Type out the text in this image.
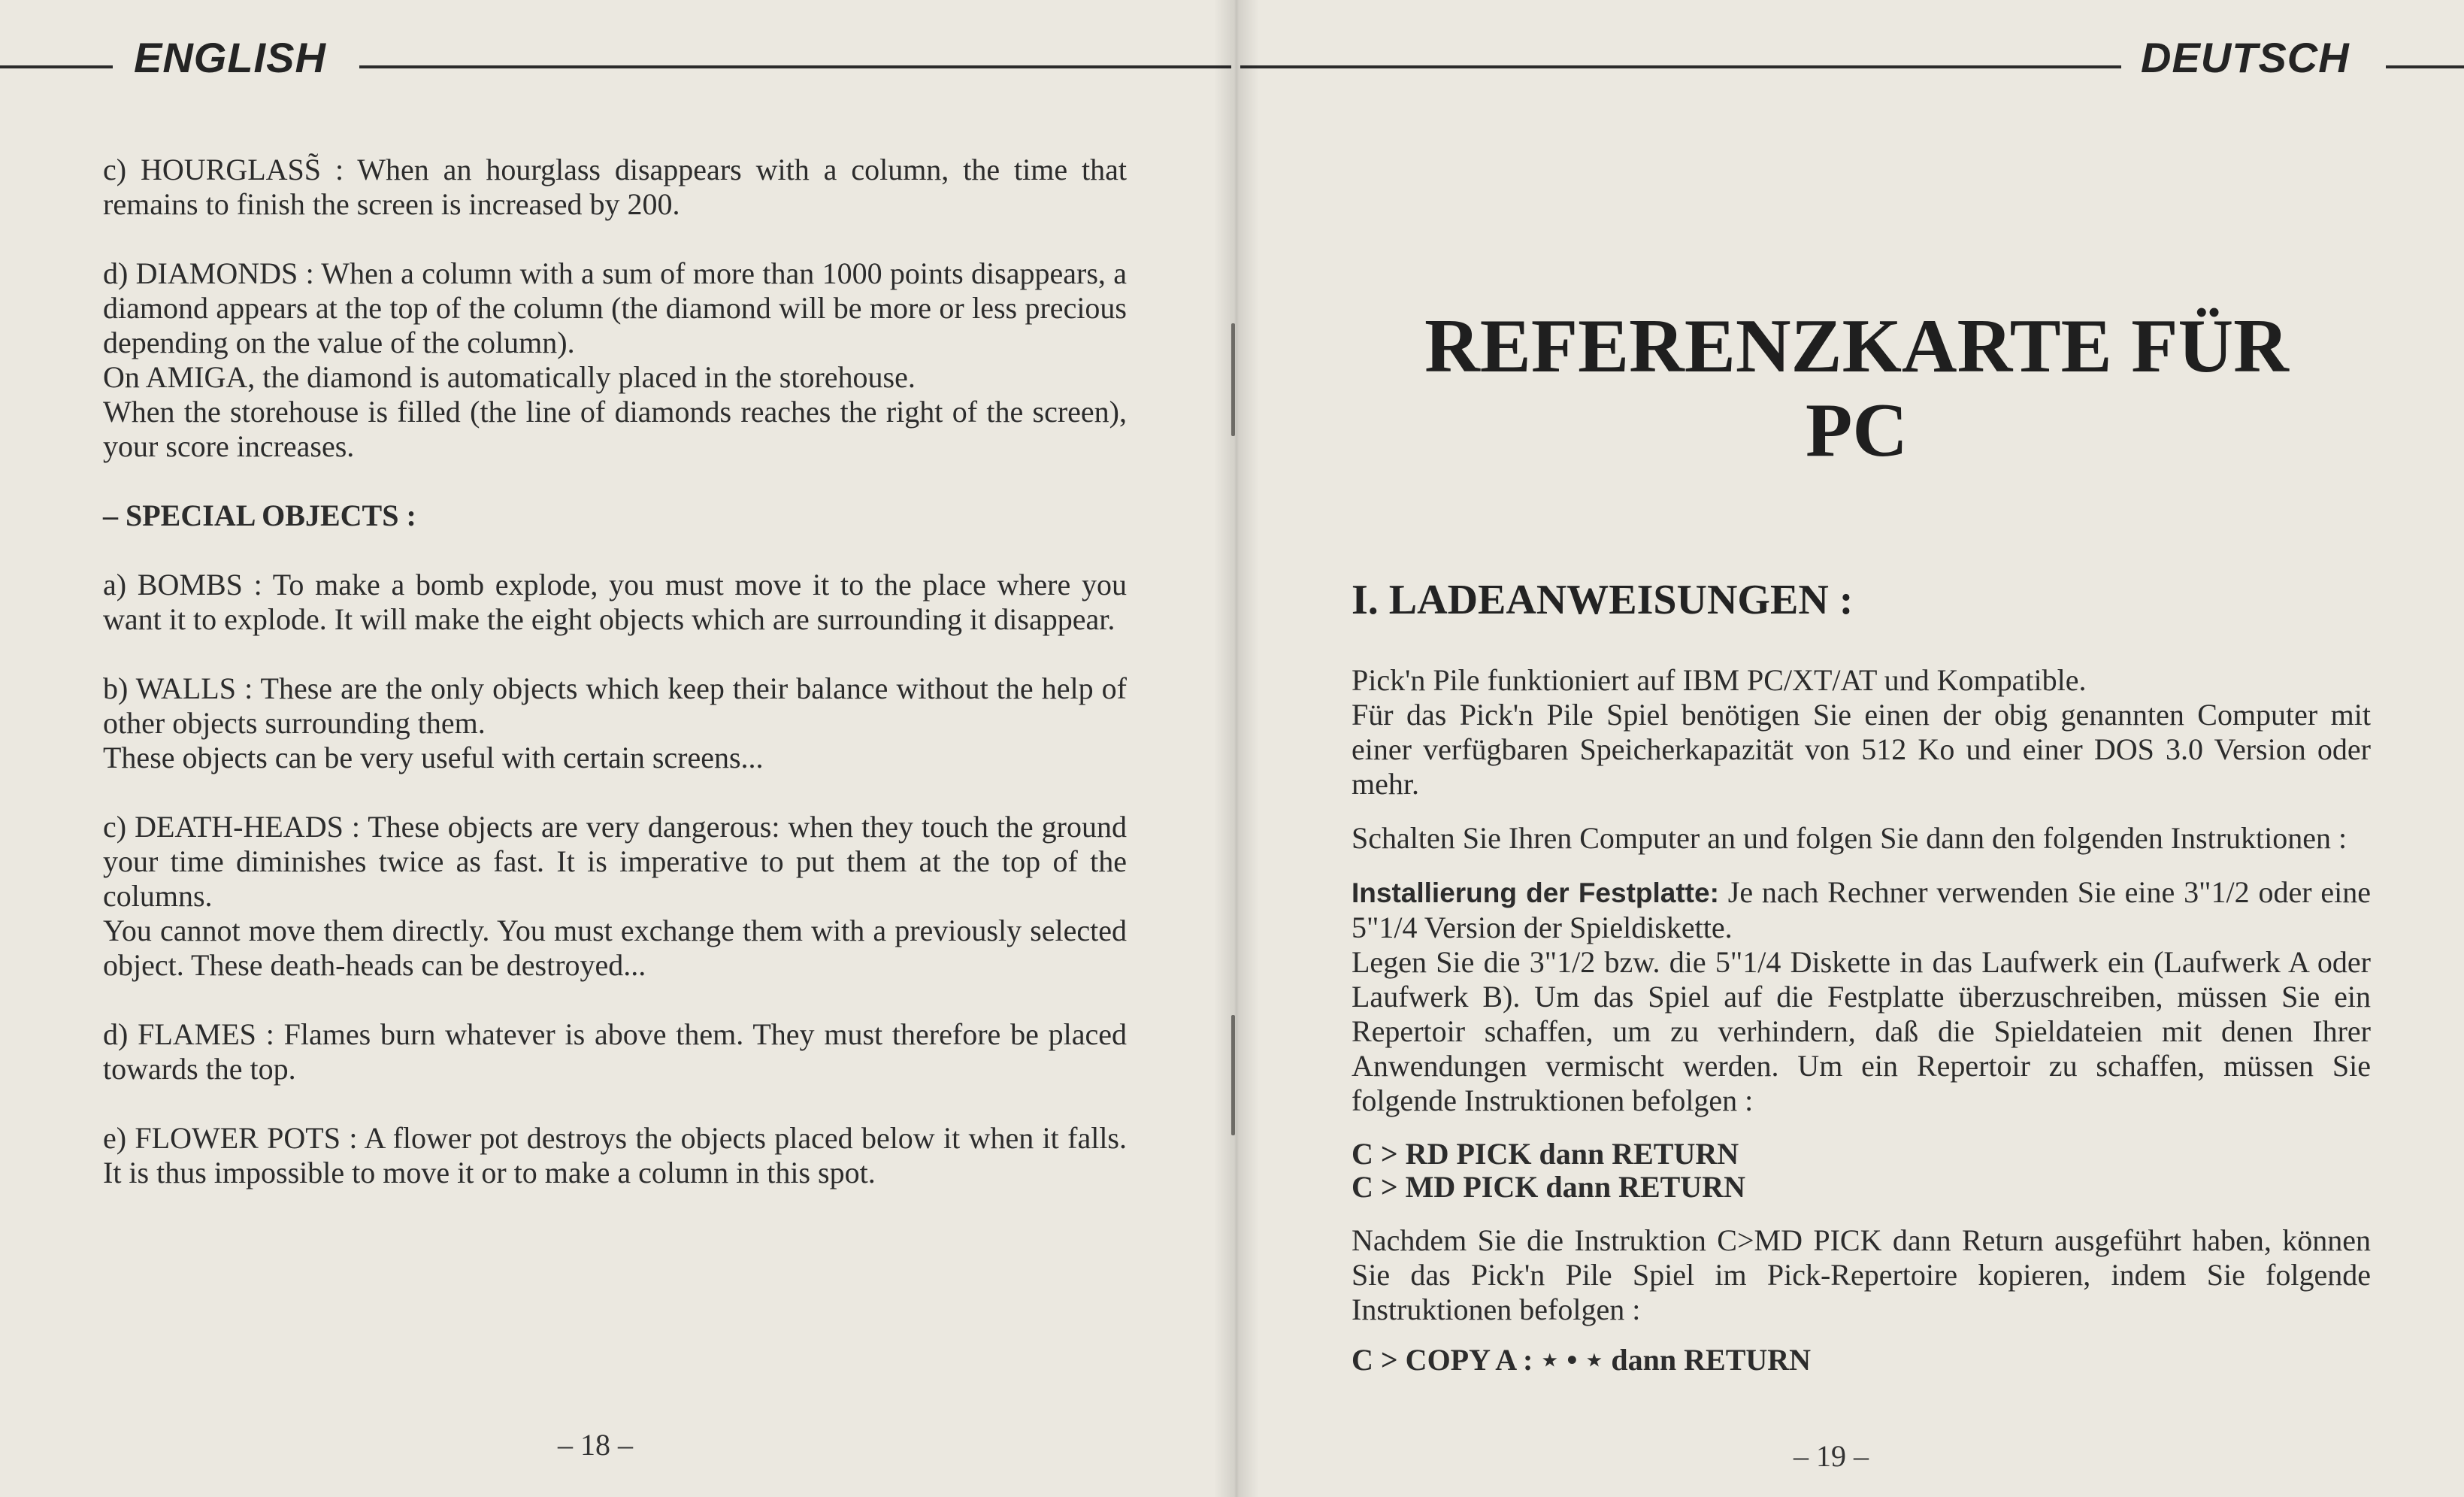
ENGLISH

c) HOURGLASS̃ : When an hourglass disappears with a column, the time that remains to finish the screen is increased by 200.

d) DIAMONDS : When a column with a sum of more than 1000 points disappears, a diamond appears at the top of the column (the diamond will be more or less precious depending on the value of the column).

On AMIGA, the diamond is automatically placed in the storehouse.

When the storehouse is filled (the line of diamonds reaches the right of the screen), your score increases.

– SPECIAL OBJECTS :

a) BOMBS : To make a bomb explode, you must move it to the place where you want it to explode. It will make the eight objects which are surrounding it disappear.

b) WALLS : These are the only objects which keep their balance without the help of other objects surrounding them.

These objects can be very useful with certain screens...

c) DEATH-HEADS : These objects are very dangerous: when they touch the ground your time diminishes twice as fast. It is imperative to put them at the top of the columns.

You cannot move them directly. You must exchange them with a previously selected object. These death-heads can be destroyed...

d) FLAMES : Flames burn whatever is above them. They must therefore be placed towards the top.

e) FLOWER POTS : A flower pot destroys the objects placed below it when it falls. It is thus impossible to move it or to make a column in this spot.

– 18 –
DEUTSCH
– 19 –
REFERENZKARTE FÜR
PC
I. LADEANWEISUNGEN :

Pick'n Pile funktioniert auf IBM PC/XT/AT und Kompatible.

Für das Pick'n Pile Spiel benötigen Sie einen der obig genannten Computer mit einer verfügbaren Speicherkapazität von 512 Ko und einer DOS 3.0 Version oder mehr.

Schalten Sie Ihren Computer an und folgen Sie dann den folgenden Instruktionen :

Installierung der Festplatte: Je nach Rechner verwenden Sie eine 3"1/2 oder eine 5"1/4 Version der Spieldiskette.

Legen Sie die 3"1/2 bzw. die 5"1/4 Diskette in das Laufwerk ein (Laufwerk A oder Laufwerk B). Um das Spiel auf die Festplatte überzuschreiben, müssen Sie ein Repertoir schaffen, um zu verhindern, daß die Spieldateien mit denen Ihrer Anwendungen vermischt werden. Um ein Repertoir zu schaffen, müssen Sie folgende Instruktionen befolgen :

C > RD PICK dann RETURN

C > MD PICK dann RETURN

Nachdem Sie die Instruktion C>MD PICK dann Return ausgeführt haben, können Sie das Pick'n Pile Spiel im Pick-Repertoire kopieren, indem Sie folgende Instruktionen befolgen :

C > COPY A : ⋆ • ⋆ dann RETURN
